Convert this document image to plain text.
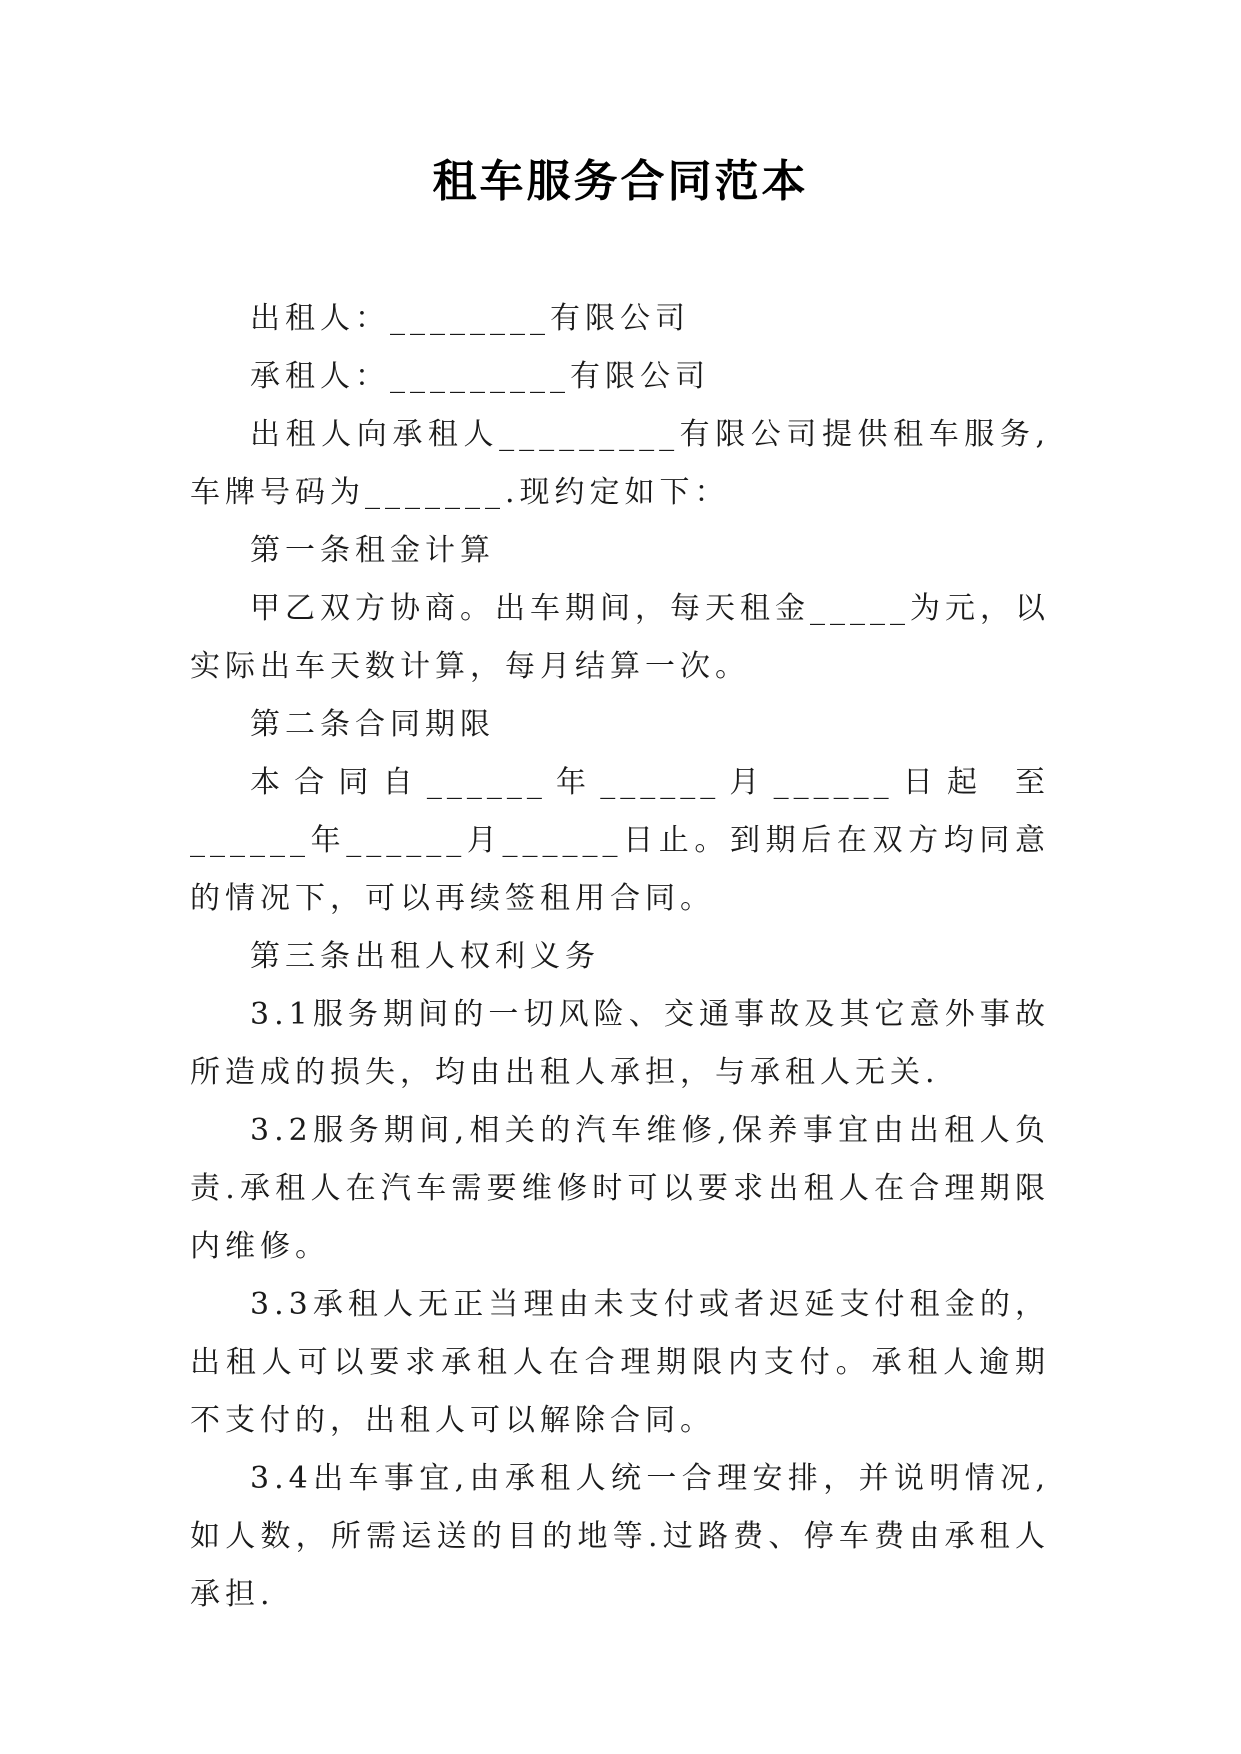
租车服务合同范本

出租人：________有限公司

承租人：_________有限公司

出租人向承租人_________有限公司提供租车服务,车牌号码为_______.现约定如下：

第一条租金计算

甲乙双方协商。出车期间，每天租金_____为元，以实际出车天数计算，每月结算一次。

第二条合同期限

本合同自______年______月______日起 至______年______月______日止。到期后在双方均同意的情况下，可以再续签租用合同。

第三条出租人权利义务

3.1服务期间的一切风险、交通事故及其它意外事故所造成的损失，均由出租人承担，与承租人无关.

3.2服务期间,相关的汽车维修,保养事宜由出租人负责.承租人在汽车需要维修时可以要求出租人在合理期限内维修。

3.3承租人无正当理由未支付或者迟延支付租金的，出租人可以要求承租人在合理期限内支付。承租人逾期不支付的，出租人可以解除合同。

3.4出车事宜,由承租人统一合理安排，并说明情况,如人数，所需运送的目的地等.过路费、停车费由承租人承担.
